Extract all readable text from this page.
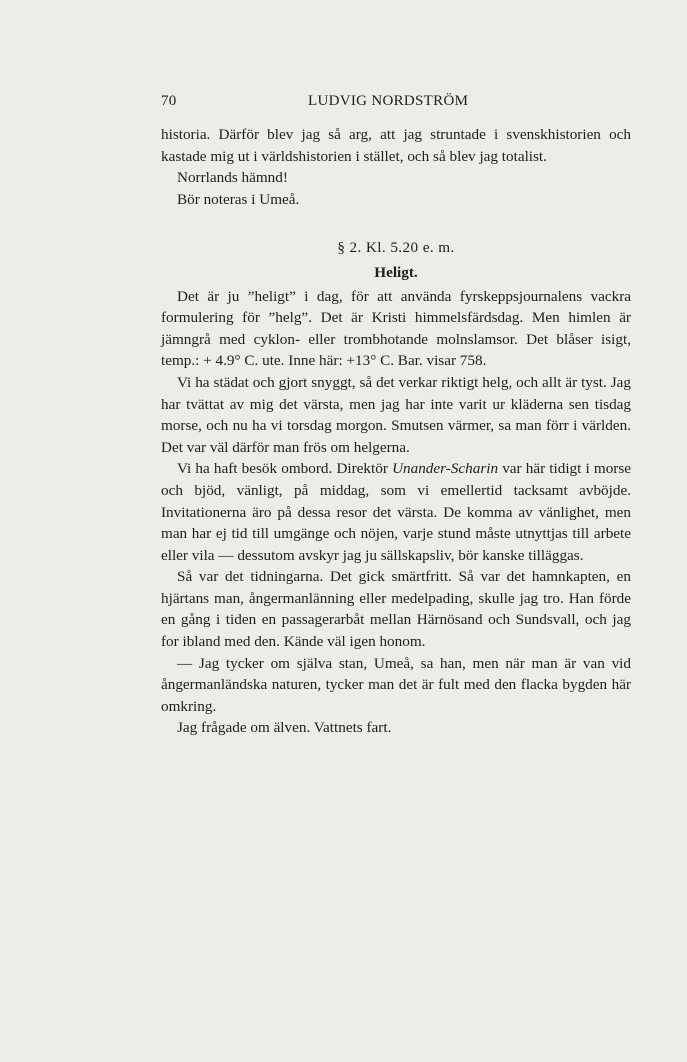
70	LUDVIG NORDSTRÖM

historia. Därför blev jag så arg, att jag struntade i svenskhistorien och kastade mig ut i världshistorien i stället, och så blev jag totalist.

Norrlands hämnd!

Bör noteras i Umeå.

§ 2. Kl. 5.20 e. m.

Heligt.

Det är ju ”heligt” i dag, för att använda fyrskeppsjournalens vackra formulering för ”helg”. Det är Kristi himmelsfärdsdag. Men himlen är jämngrå med cyklon- eller trombhotande molnslamsor. Det blåser isigt, temp.: + 4.9° C. ute. Inne här: +13° C. Bar. visar 758.

Vi ha städat och gjort snyggt, så det verkar riktigt helg, och allt är tyst. Jag har tvättat av mig det värsta, men jag har inte varit ur kläderna sen tisdag morse, och nu ha vi torsdag morgon. Smutsen värmer, sa man förr i världen. Det var väl därför man frös om helgerna.

Vi ha haft besök ombord. Direktör Unander-Scharin var här tidigt i morse och bjöd, vänligt, på middag, som vi emellertid tacksamt avböjde. Invitationerna äro på dessa resor det värsta. De komma av vänlighet, men man har ej tid till umgänge och nöjen, varje stund måste utnyttjas till arbete eller vila — dessutom avskyr jag ju sällskapsliv, bör kanske tilläggas.

Så var det tidningarna. Det gick smärtfritt. Så var det hamnkapten, en hjärtans man, ångermanlänning eller medelpading, skulle jag tro. Han förde en gång i tiden en passagerarbåt mellan Härnösand och Sundsvall, och jag for ibland med den. Kände väl igen honom.

— Jag tycker om själva stan, Umeå, sa han, men när man är van vid ångermanländska naturen, tycker man det är fult med den flacka bygden här omkring.

Jag frågade om älven. Vattnets fart.
